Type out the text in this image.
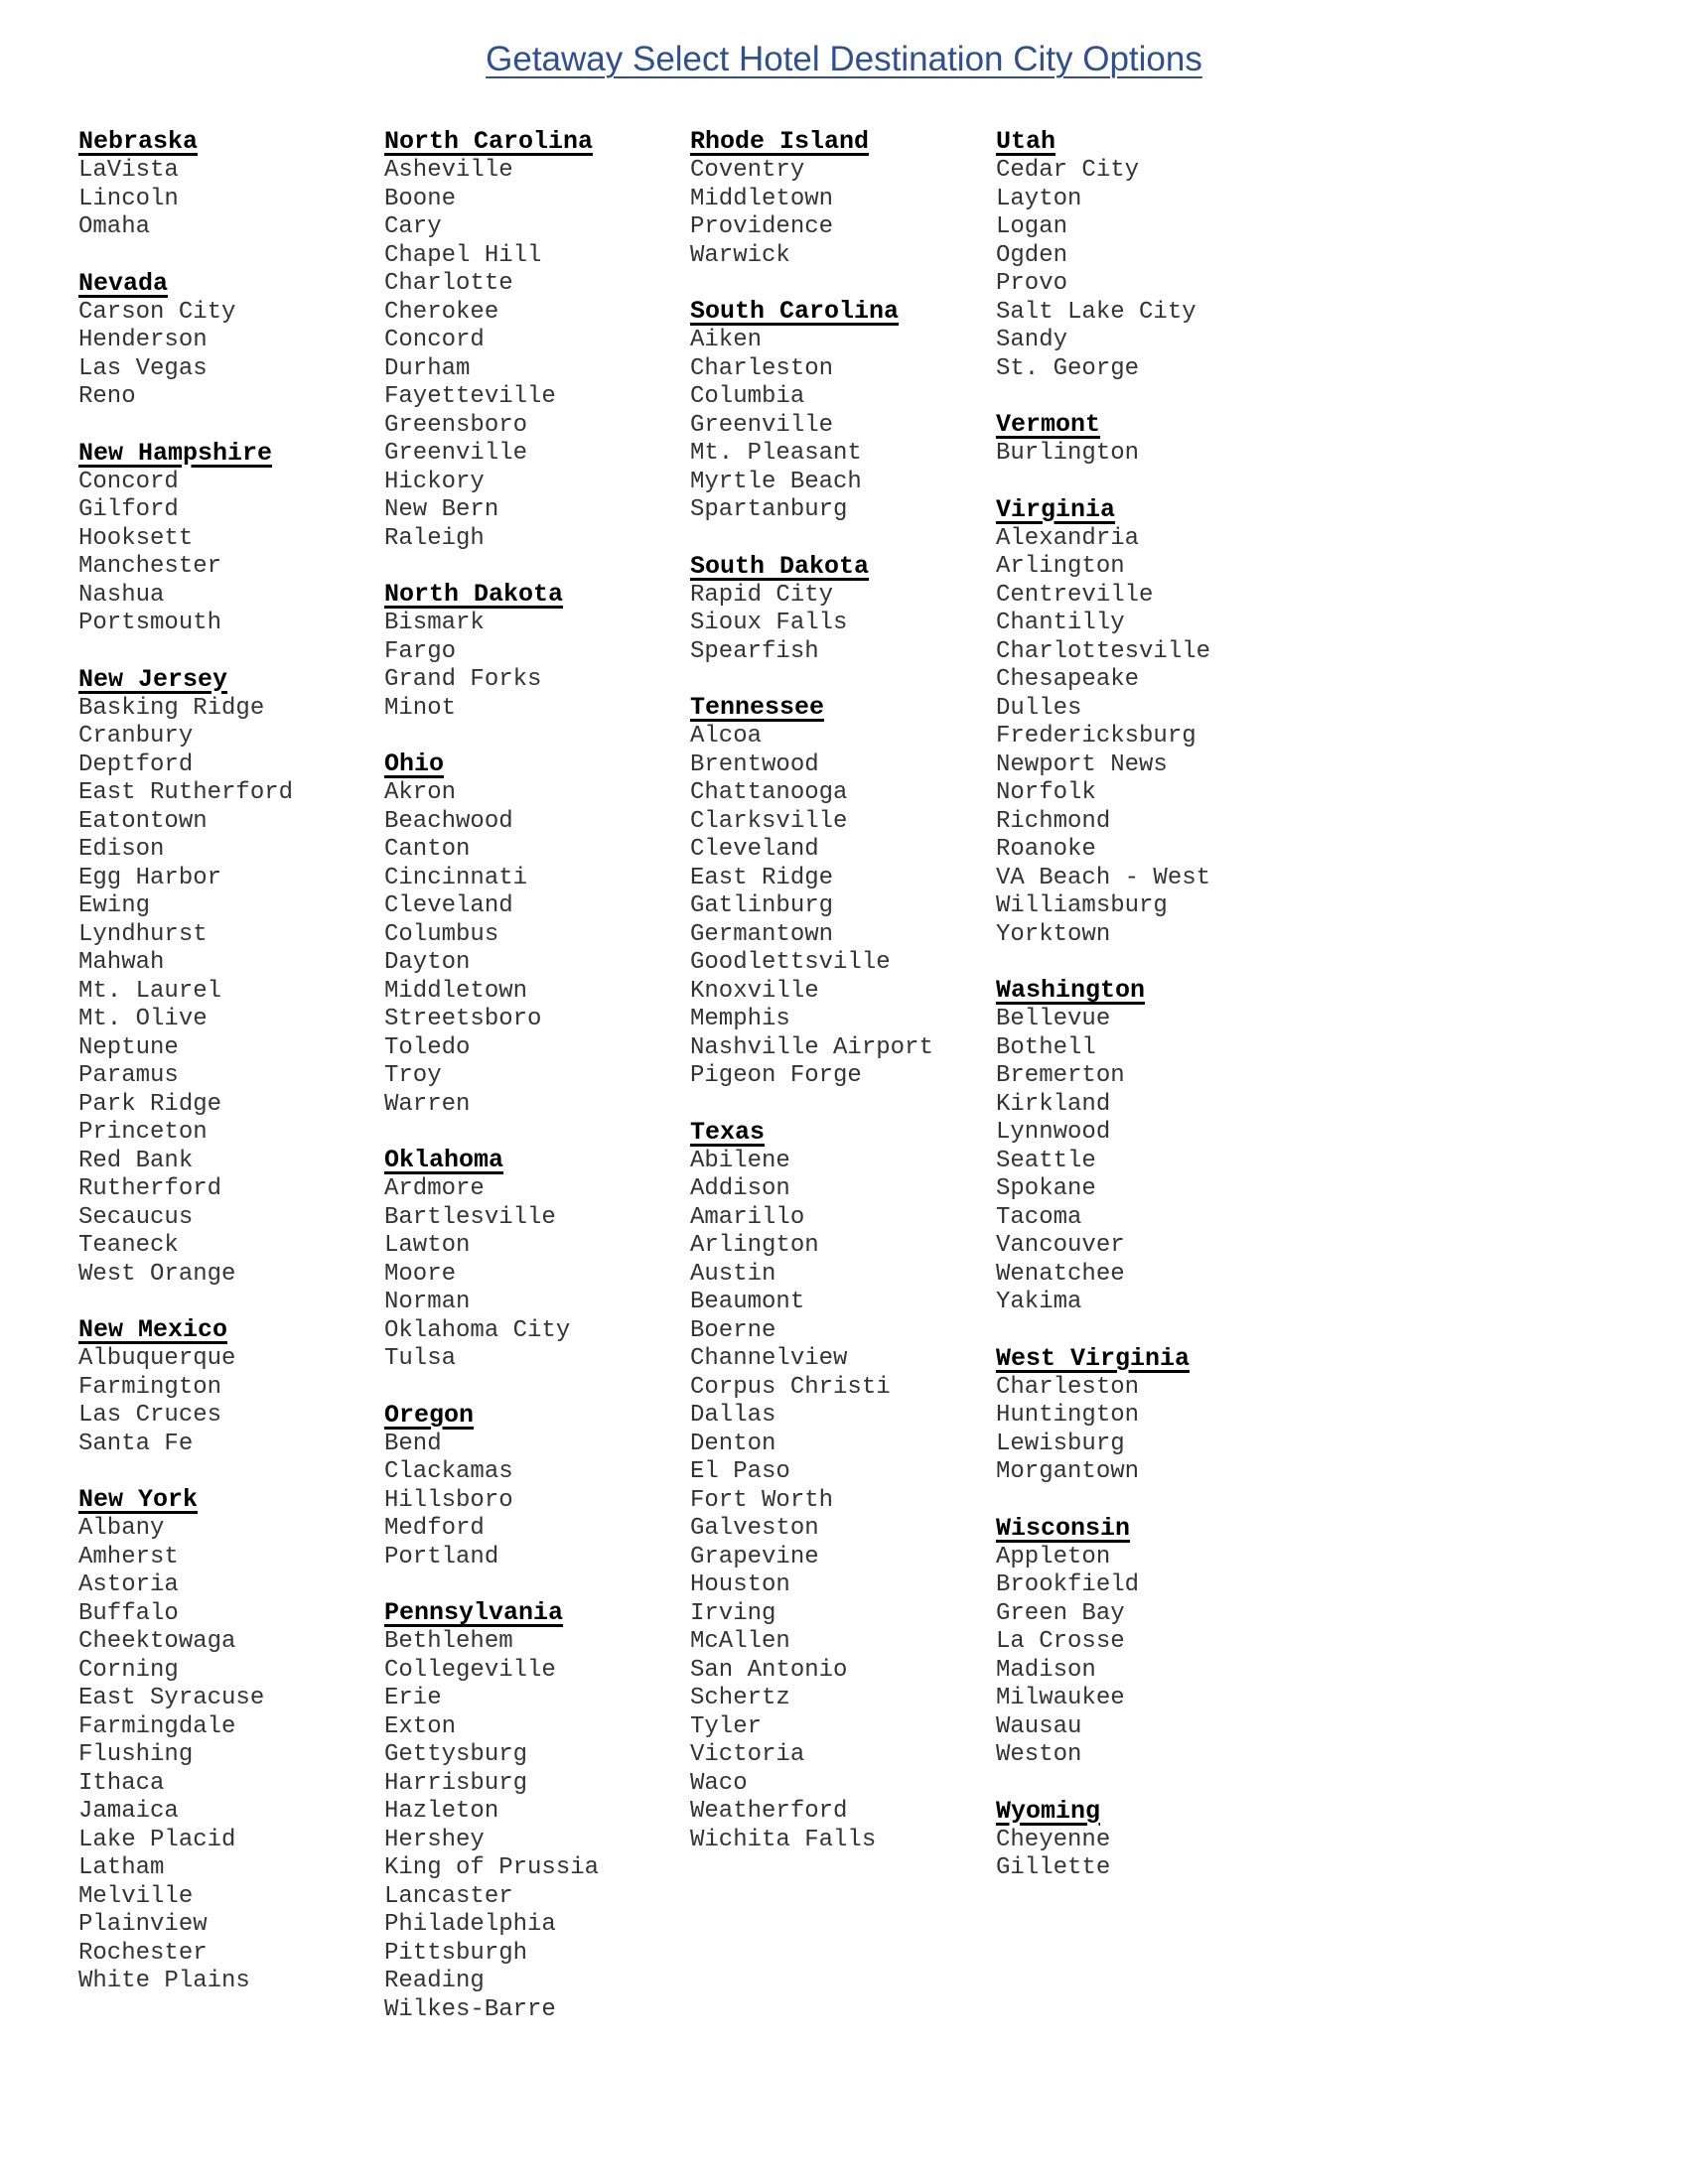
Getaway Select Hotel Destination City Options
Nebraska
LaVista
Lincoln
Omaha
Nevada
Carson City
Henderson
Las Vegas
Reno
New Hampshire
Concord
Gilford
Hooksett
Manchester
Nashua
Portsmouth
New Jersey
Basking Ridge
Cranbury
Deptford
East Rutherford
Eatontown
Edison
Egg Harbor
Ewing
Lyndhurst
Mahwah
Mt. Laurel
Mt. Olive
Neptune
Paramus
Park Ridge
Princeton
Red Bank
Rutherford
Secaucus
Teaneck
West Orange
New Mexico
Albuquerque
Farmington
Las Cruces
Santa Fe
New York
Albany
Amherst
Astoria
Buffalo
Cheektowaga
Corning
East Syracuse
Farmingdale
Flushing
Ithaca
Jamaica
Lake Placid
Latham
Melville
Plainview
Rochester
White Plains
North Carolina
Asheville
Boone
Cary
Chapel Hill
Charlotte
Cherokee
Concord
Durham
Fayetteville
Greensboro
Greenville
Hickory
New Bern
Raleigh
North Dakota
Bismark
Fargo
Grand Forks
Minot
Ohio
Akron
Beachwood
Canton
Cincinnati
Cleveland
Columbus
Dayton
Middletown
Streetsboro
Toledo
Troy
Warren
Oklahoma
Ardmore
Bartlesville
Lawton
Moore
Norman
Oklahoma City
Tulsa
Oregon
Bend
Clackamas
Hillsboro
Medford
Portland
Pennsylvania
Bethlehem
Collegeville
Erie
Exton
Gettysburg
Harrisburg
Hazleton
Hershey
King of Prussia
Lancaster
Philadelphia
Pittsburgh
Reading
Wilkes-Barre
Rhode Island
Coventry
Middletown
Providence
Warwick
South Carolina
Aiken
Charleston
Columbia
Greenville
Mt. Pleasant
Myrtle Beach
Spartanburg
South Dakota
Rapid City
Sioux Falls
Spearfish
Tennessee
Alcoa
Brentwood
Chattanooga
Clarksville
Cleveland
East Ridge
Gatlinburg
Germantown
Goodlettsville
Knoxville
Memphis
Nashville Airport
Pigeon Forge
Texas
Abilene
Addison
Amarillo
Arlington
Austin
Beaumont
Boerne
Channelview
Corpus Christi
Dallas
Denton
El Paso
Fort Worth
Galveston
Grapevine
Houston
Irving
McAllen
San Antonio
Schertz
Tyler
Victoria
Waco
Weatherford
Wichita Falls
Utah
Cedar City
Layton
Logan
Ogden
Provo
Salt Lake City
Sandy
St. George
Vermont
Burlington
Virginia
Alexandria
Arlington
Centreville
Chantilly
Charlottesville
Chesapeake
Dulles
Fredericksburg
Newport News
Norfolk
Richmond
Roanoke
VA Beach - West
Williamsburg
Yorktown
Washington
Bellevue
Bothell
Bremerton
Kirkland
Lynnwood
Seattle
Spokane
Tacoma
Vancouver
Wenatchee
Yakima
West Virginia
Charleston
Huntington
Lewisburg
Morgantown
Wisconsin
Appleton
Brookfield
Green Bay
La Crosse
Madison
Milwaukee
Wausau
Weston
Wyoming
Cheyenne
Gillette
